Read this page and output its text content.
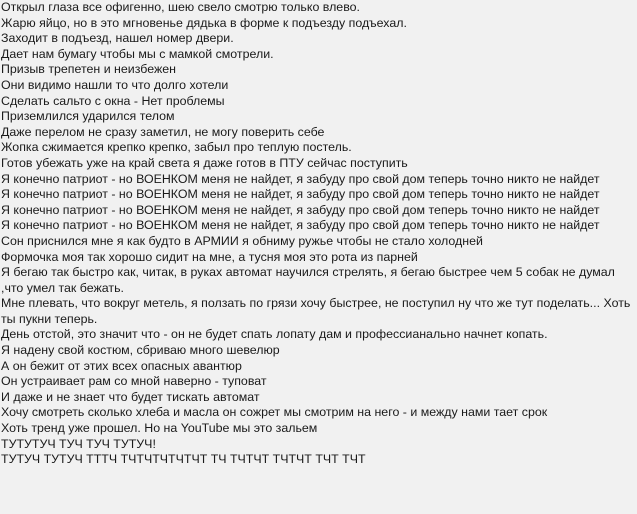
Открыл глаза все офигенно, шею свело смотрю только влево.
Жарю яйцо, но в это мгновенье дядька в форме к подъезду подъехал.
Заходит в подъезд, нашел номер двери.
Дает нам бумагу чтобы мы с мамкой смотрели.
Призыв трепетен и неизбежен
Они видимо нашли то что долго хотели
Сделать сальто с окна - Нет проблемы
Приземлился ударился телом
Даже перелом не сразу заметил, не могу поверить себе
Жопка сжимается крепко крепко, забыл про теплую постель.
Готов убежать уже на край света я даже готов в ПТУ сейчас поступить
Я конечно патриот - но ВОЕНКОМ меня не найдет, я забуду про свой дом теперь точно никто не найдет
Я конечно патриот - но ВОЕНКОМ меня не найдет, я забуду про свой дом теперь точно никто не найдет
Я конечно патриот - но ВОЕНКОМ меня не найдет, я забуду про свой дом теперь точно никто не найдет
Я конечно патриот - но ВОЕНКОМ меня не найдет, я забуду про свой дом теперь точно никто не найдет
Сон приснился мне я как будто в АРМИИ я обниму ружье чтобы не стало холодней
Формочка моя так хорошо сидит на мне, а тусня моя это рота из парней
Я бегаю так быстро как, читак, в руках автомат научился стрелять, я бегаю быстрее чем 5 собак не думал ,что умел так бежать.
Мне плевать, что вокруг метель, я ползать по грязи хочу быстрее, не поступил ну что же тут поделать... Хоть ты пукни теперь.
День отстой, это значит что - он не будет спать лопату дам и профессианально начнет копать.
Я надену свой костюм, сбриваю много шевелюр
А он бежит от этих всех опасных авантюр
Он устраивает рам со мной наверно - туповат
И даже и не знает что будет тискать автомат
Хочу смотреть сколько хлеба и масла он сожрет мы смотрим на него - и между нами тает срок
Хоть тренд уже прошел. Но на YouTube мы это зальем
ТУТУТУЧ ТУЧ ТУЧ ТУТУЧ!
ТУТУЧ ТУТУЧ ТТТЧ ТЧТЧТЧТЧТЧТ ТЧ ТЧТЧТ ТЧТЧТ ТЧТ ТЧТ
